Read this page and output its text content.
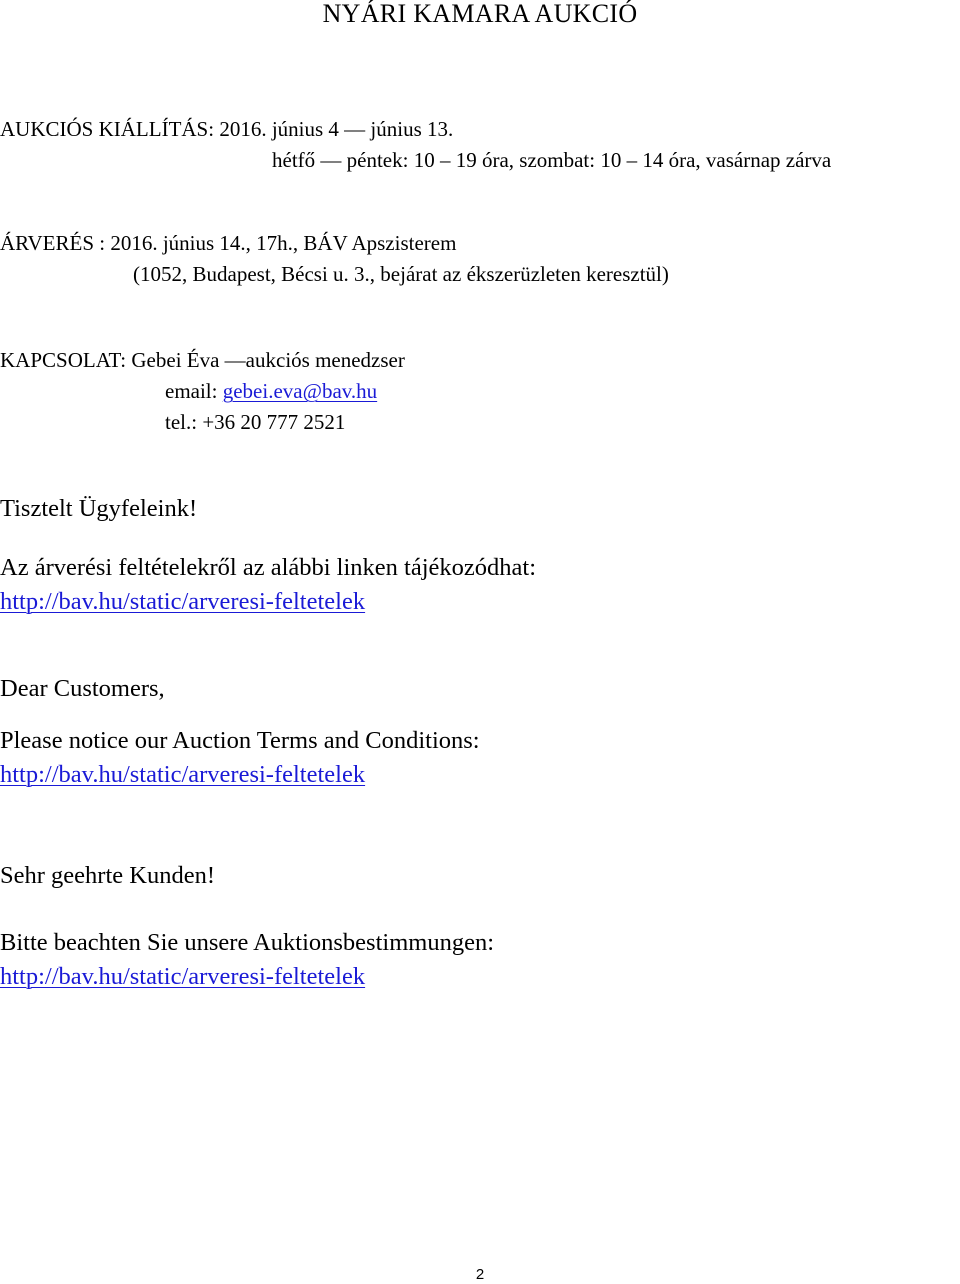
NYÁRI KAMARA AUKCIÓ
AUKCIÓS KIÁLLÍTÁS: 2016. június 4 — június 13.
hétfő — péntek: 10 – 19 óra, szombat: 10 – 14 óra, vasárnap zárva
ÁRVERÉS : 2016. június 14., 17h., BÁV Apszisterem
(1052, Budapest, Bécsi u. 3., bejárat az ékszerüzleten keresztül)
KAPCSOLAT: Gebei Éva —aukciós menedzser
email: gebei.eva@bav.hu
tel.: +36 20 777 2521
Tisztelt Ügyfeleink!
Az árverési feltételekről az alábbi linken tájékozódhat:
http://bav.hu/static/arveresi-feltetelek
Dear Customers,
Please notice our Auction Terms and Conditions:
http://bav.hu/static/arveresi-feltetelek
Sehr geehrte Kunden!
Bitte beachten Sie unsere Auktionsbestimmungen:
http://bav.hu/static/arveresi-feltetelek
2
